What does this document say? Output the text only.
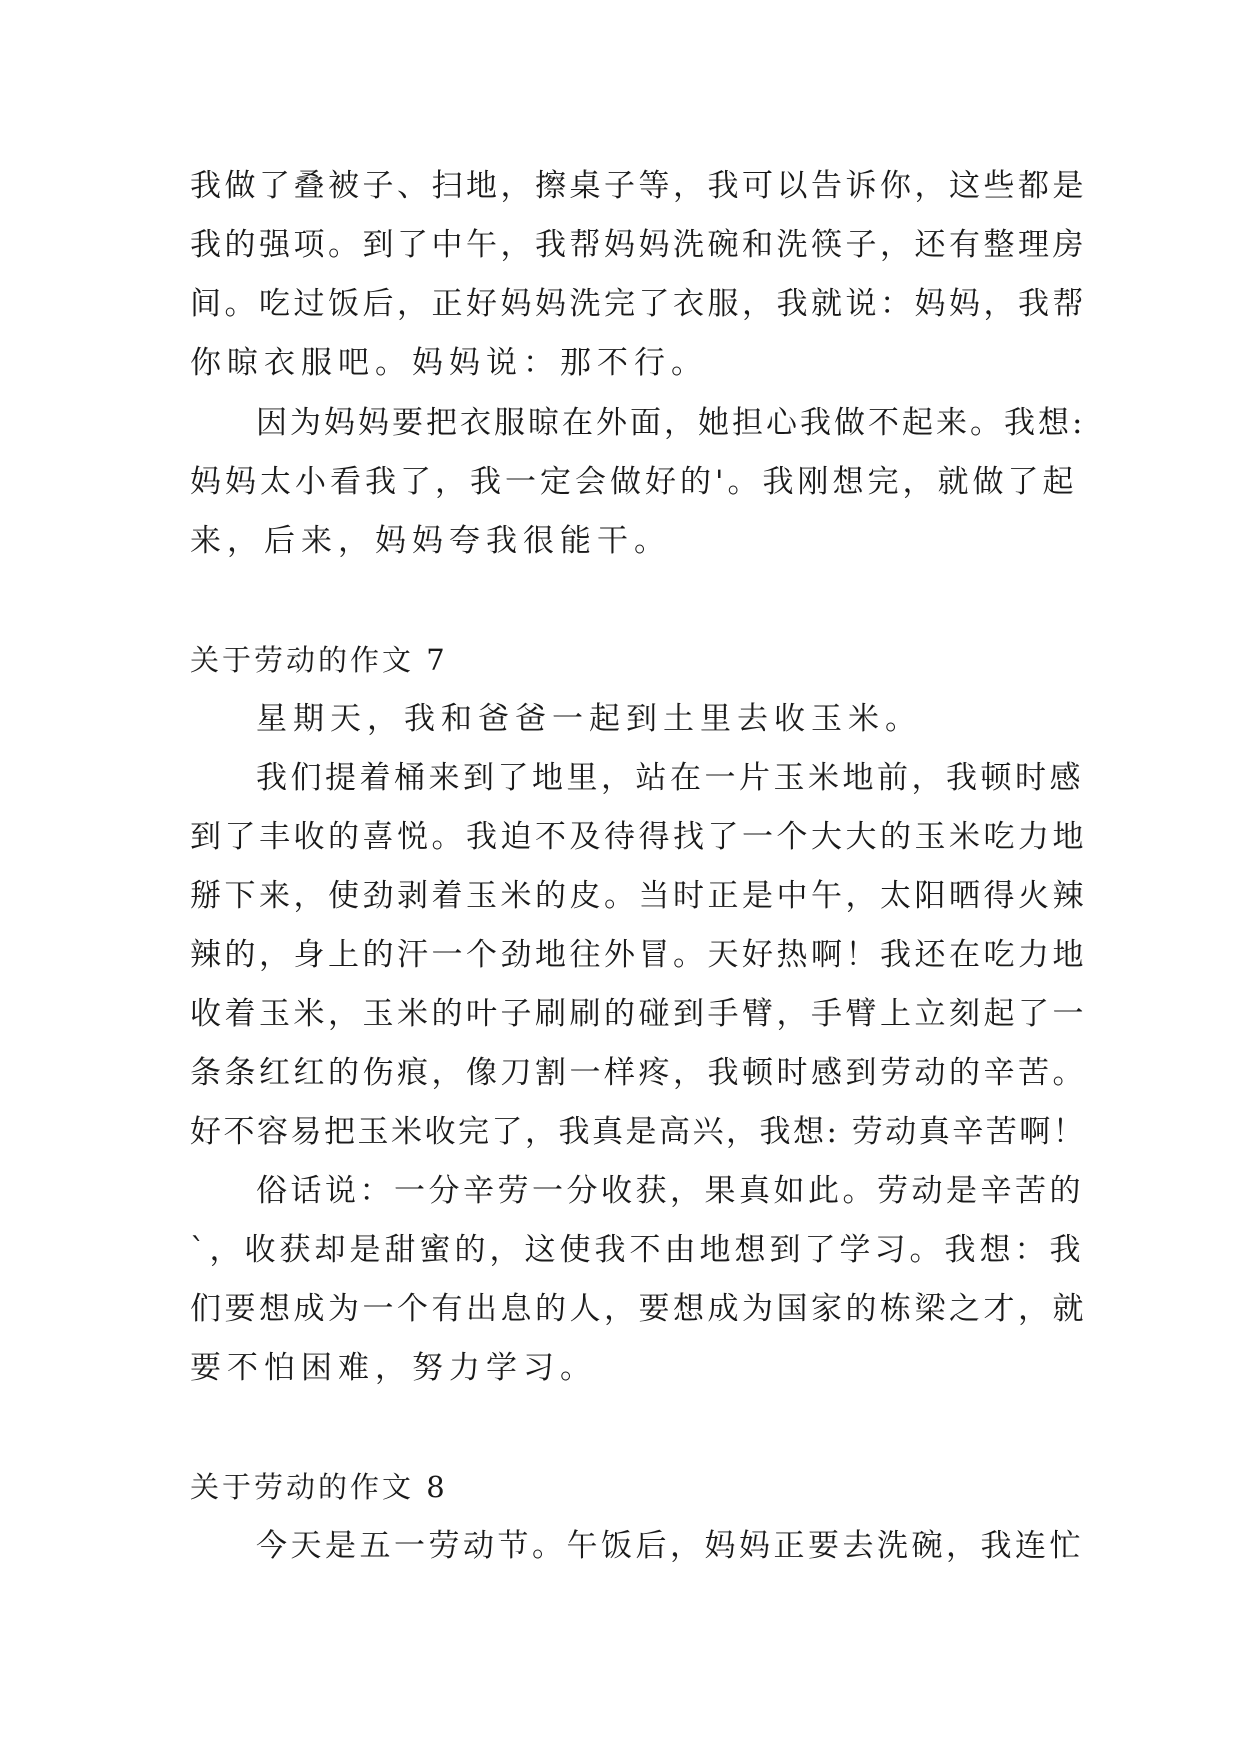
我做了叠被子、扫地，擦桌子等，我可以告诉你，这些都是
我的强项。到了中午，我帮妈妈洗碗和洗筷子，还有整理房
间。吃过饭后，正好妈妈洗完了衣服，我就说：妈妈，我帮
你晾衣服吧。妈妈说：那不行。
因为妈妈要把衣服晾在外面，她担心我做不起来。我想:
妈妈太小看我了，我一定会做好的'。我刚想完，就做了起
来，后来，妈妈夸我很能干。
关于劳动的作文 7
星期天，我和爸爸一起到土里去收玉米。
我们提着桶来到了地里，站在一片玉米地前，我顿时感
到了丰收的喜悦。我迫不及待得找了一个大大的玉米吃力地
掰下来，使劲剥着玉米的皮。当时正是中午，太阳晒得火辣
辣的，身上的汗一个劲地往外冒。天好热啊！我还在吃力地
收着玉米，玉米的叶子刷刷的碰到手臂，手臂上立刻起了一
条条红红的伤痕，像刀割一样疼，我顿时感到劳动的辛苦。
好不容易把玉米收完了，我真是高兴，我想: 劳动真辛苦啊！
俗话说：一分辛劳一分收获，果真如此。劳动是辛苦的
`，收获却是甜蜜的，这使我不由地想到了学习。我想：我
们要想成为一个有出息的人，要想成为国家的栋梁之才，就
要不怕困难，努力学习。
关于劳动的作文 8
今天是五一劳动节。午饭后，妈妈正要去洗碗，我连忙
